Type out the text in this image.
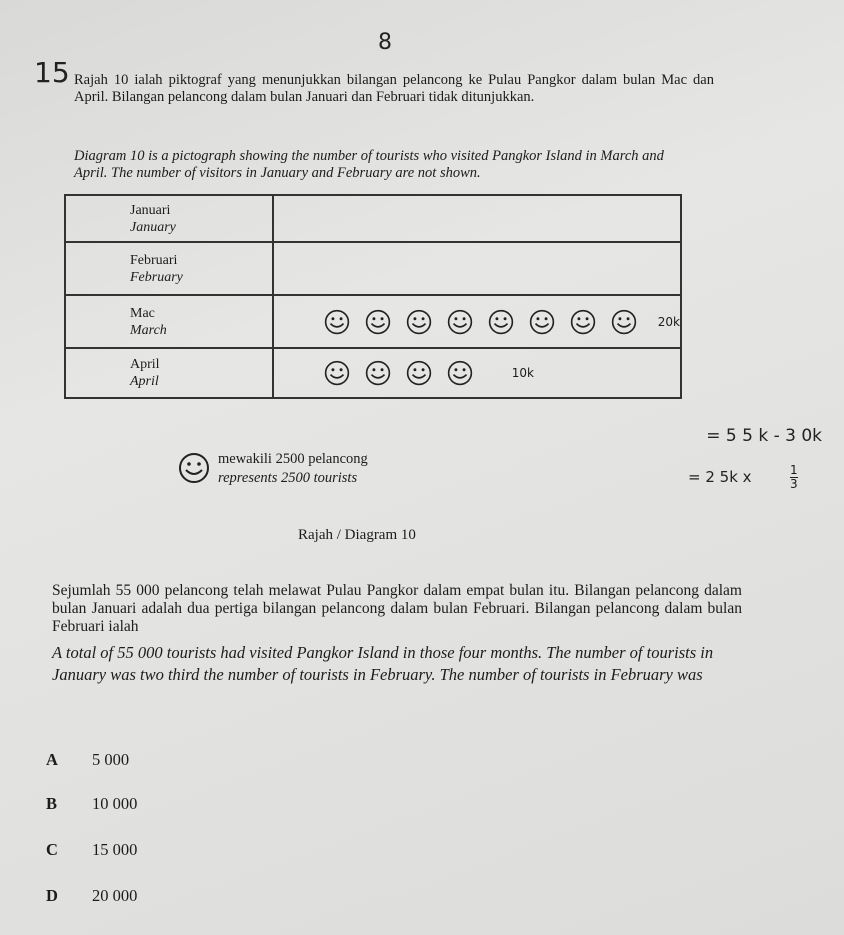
8
15 Rajah 10 ialah piktograf yang menunjukkan bilangan pelancong ke Pulau Pangkor dalam bulan Mac dan April. Bilangan pelancong dalam bulan Januari dan Februari tidak ditunjukkan.
Diagram 10 is a pictograph showing the number of tourists who visited Pangkor Island in March and April. The number of visitors in January and February are not shown.
Januari
January	

Februari
February	

Mac
March	20k

April
April	10k
mewakili 2500 pelancong
represents 2500 tourists
= 5 5 k - 3 0k
= 2 5k x	$\frac{1}{3}$
Rajah / Diagram 10
Sejumlah 55 000 pelancong telah melawat Pulau Pangkor dalam empat bulan itu. Bilangan pelancong dalam bulan Januari adalah dua pertiga bilangan pelancong dalam bulan Februari. Bilangan pelancong dalam bulan Februari ialah
A total of 55 000 tourists had visited Pangkor Island in those four months. The number of tourists in January was two third the number of tourists in February. The number of tourists in February was
A 5 000
B 10 000
C 15 000
D 20 000
